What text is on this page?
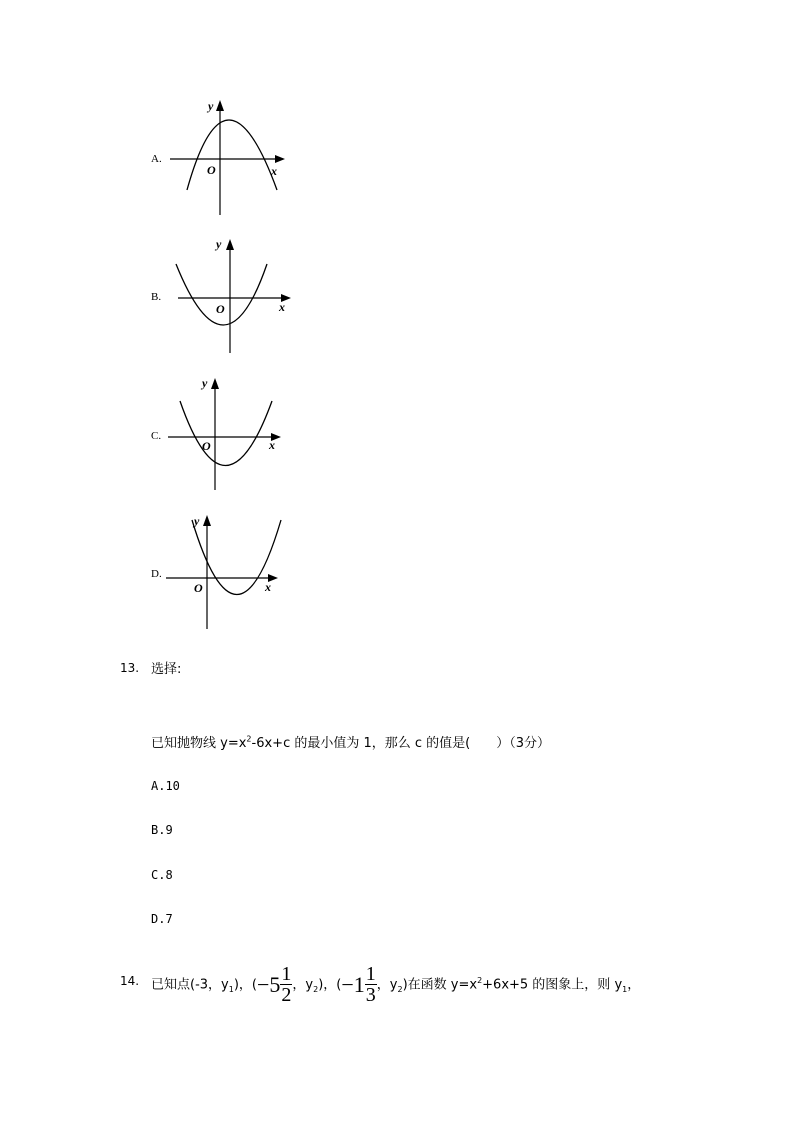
A.
y
x
O
B.
y
x
O
C.
y
x
O
D.
y
x
O
13. 选择:
已知抛物线 $y=x^2-6x+c$ 的最小值为 1，那么 c 的值是(　　）（3分）
A.10
B.9
C.8
D.7
14. 已知点(-3，$y_1$)，($-5 \frac{1}{2}$ ，$y_2$)，($-1 \frac{1}{3}$ ，$y_2$)在函数 $y=x^2+6x+5$ 的图象上，则 $y_1$，
